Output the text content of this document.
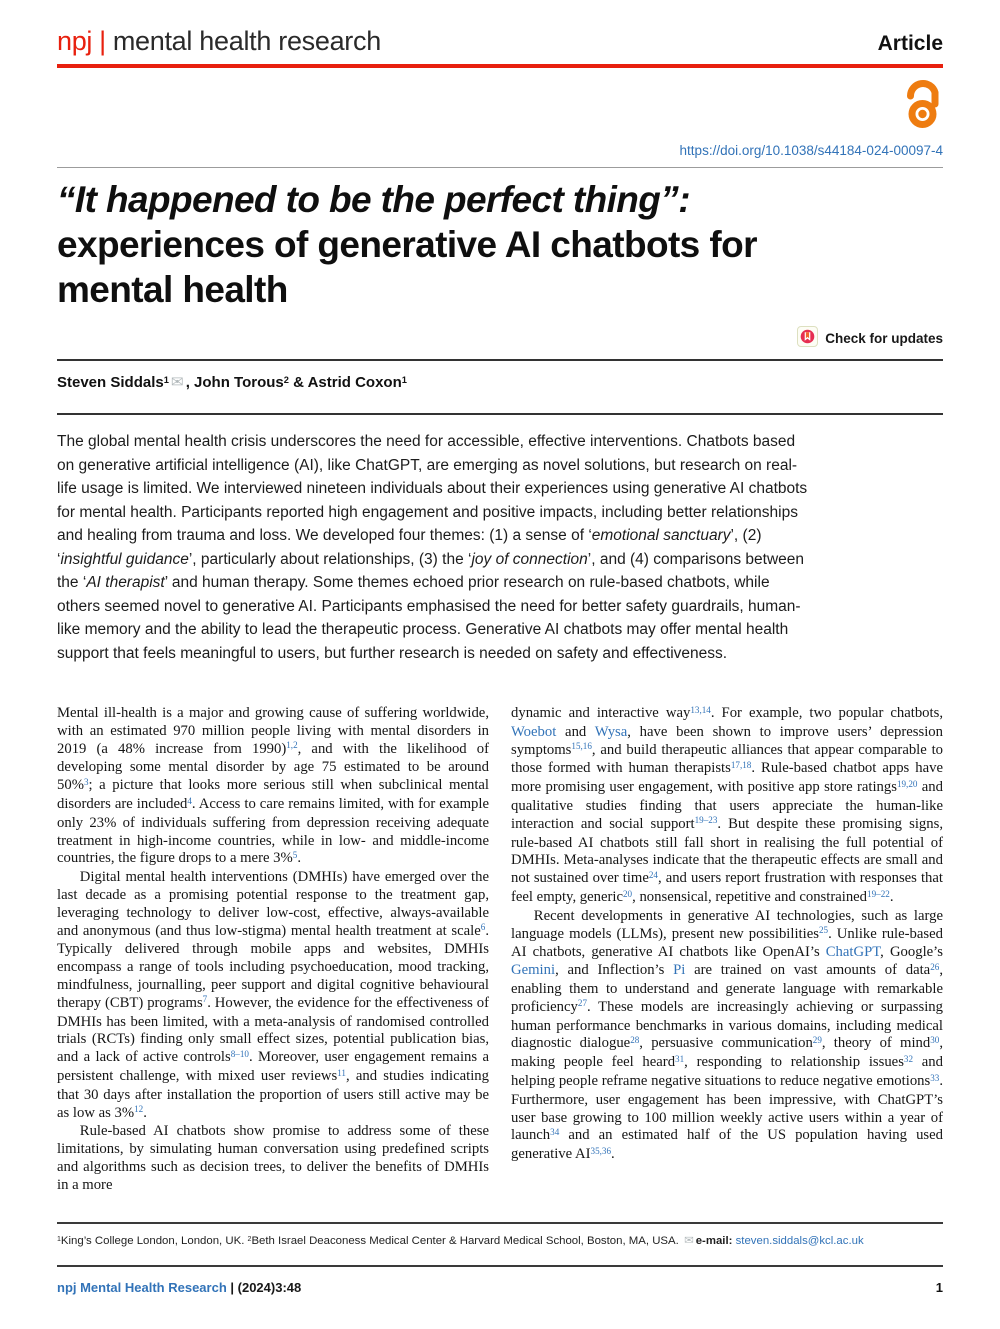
npj | mental health research	Article
https://doi.org/10.1038/s44184-024-00097-4
“It happened to be the perfect thing”:
experiences of generative AI chatbots for
mental health
Check for updates
Steven Siddals$^1$ ✉ , John Torous$^2$ & Astrid Coxon$^1$
The global mental health crisis underscores the need for accessible, effective interventions. Chatbots based on generative artificial intelligence (AI), like ChatGPT, are emerging as novel solutions, but research on real-life usage is limited. We interviewed nineteen individuals about their experiences using generative AI chatbots for mental health. Participants reported high engagement and positive impacts, including better relationships and healing from trauma and loss. We developed four themes: (1) a sense of ‘emotional sanctuary’, (2) ‘insightful guidance’, particularly about relationships, (3) the ‘joy of connection’, and (4) comparisons between the ‘AI therapist’ and human therapy. Some themes echoed prior research on rule-based chatbots, while others seemed novel to generative AI. Participants emphasised the need for better safety guardrails, human-like memory and the ability to lead the therapeutic process. Generative AI chatbots may offer mental health support that feels meaningful to users, but further research is needed on safety and effectiveness.

Mental ill-health is a major and growing cause of suffering worldwide, with an estimated 970 million people living with mental disorders in 2019 (a 48% increase from 1990)$^{1,2}$, and with the likelihood of developing some mental disorder by age 75 estimated to be around 50%$^3$; a picture that looks more serious still when subclinical mental disorders are included$^4$. Access to care remains limited, with for example only 23% of individuals suffering from depression receiving adequate treatment in high-income countries, while in low- and middle-income countries, the figure drops to a mere 3%$^5$.

Digital mental health interventions (DMHIs) have emerged over the last decade as a promising potential response to the treatment gap, leveraging technology to deliver low-cost, effective, always-available and anonymous (and thus low-stigma) mental health treatment at scale$^6$. Typically delivered through mobile apps and websites, DMHIs encompass a range of tools including psychoeducation, mood tracking, mindfulness, journalling, peer support and digital cognitive behavioural therapy (CBT) programs$^7$. However, the evidence for the effectiveness of DMHIs has been limited, with a meta-analysis of randomised controlled trials (RCTs) finding only small effect sizes, potential publication bias, and a lack of active controls$^{8-10}$. Moreover, user engagement remains a persistent challenge, with mixed user reviews$^{11}$, and studies indicating that 30 days after installation the proportion of users still active may be as low as 3%$^{12}$.

Rule-based AI chatbots show promise to address some of these limitations, by simulating human conversation using predefined scripts and algorithms such as decision trees, to deliver the benefits of DMHIs in a more

dynamic and interactive way$^{13,14}$. For example, two popular chatbots, Woebot and Wysa, have been shown to improve users’ depression symptoms$^{15,16}$, and build therapeutic alliances that appear comparable to those formed with human therapists$^{17,18}$. Rule-based chatbot apps have more promising user engagement, with positive app store ratings$^{19,20}$ and qualitative studies finding that users appreciate the human-like interaction and social support$^{19-23}$. But despite these promising signs, rule-based AI chatbots still fall short in realising the full potential of DMHIs. Meta-analyses indicate that the therapeutic effects are small and not sustained over time$^{24}$, and users report frustration with responses that feel empty, generic$^{20}$, nonsensical, repetitive and constrained$^{19-22}$.

Recent developments in generative AI technologies, such as large language models (LLMs), present new possibilities$^{25}$. Unlike rule-based AI chatbots, generative AI chatbots like OpenAI’s ChatGPT, Google’s Gemini, and Inflection’s Pi are trained on vast amounts of data$^{26}$, enabling them to understand and generate language with remarkable proficiency$^{27}$. These models are increasingly achieving or surpassing human performance benchmarks in various domains, including medical diagnostic dialogue$^{28}$, persuasive communication$^{29}$, theory of mind$^{30}$, making people feel heard$^{31}$, responding to relationship issues$^{32}$ and helping people reframe negative situations to reduce negative emotions$^{33}$. Furthermore, user engagement has been impressive, with ChatGPT’s user base growing to 100 million weekly active users within a year of launch$^{34}$ and an estimated half of the US population having used generative AI$^{35,36}$.

$^1$King’s College London, London, UK. $^2$Beth Israel Deaconess Medical Center & Harvard Medical School, Boston, MA, USA. ✉ e-mail: steven.siddals@kcl.ac.uk
npj Mental Health Research | (2024)3:48	1
